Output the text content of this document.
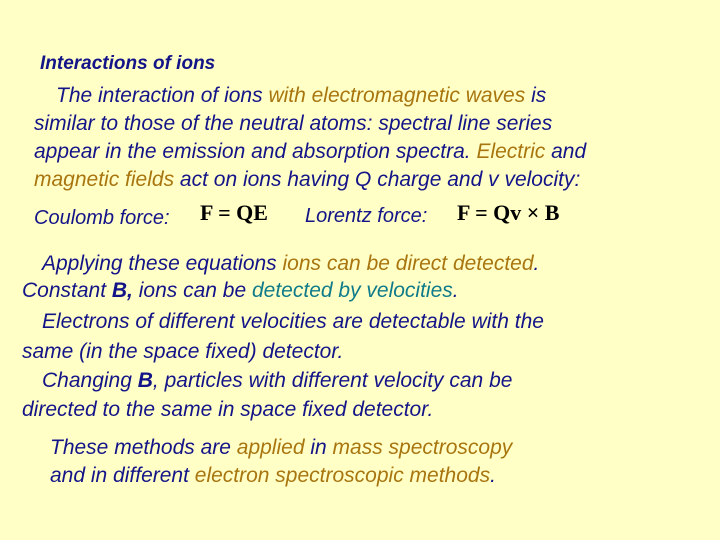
Interactions of ions
The interaction of ions with electromagnetic waves is
similar to those of the neutral atoms: spectral line series
appear in the emission and absorption spectra. Electric and
magnetic fields act on ions having Q charge and v velocity:
Coulomb force: F = QE Lorentz force: F = Qv × B
Applying these equations ions can be direct detected.
Constant B, ions can be detected by velocities.
Electrons of different velocities are detectable with the
same (in the space fixed) detector.
Changing B, particles with different velocity can be
directed to the same in space fixed detector.
These methods are applied in mass spectroscopy
and in different electron spectroscopic methods.
